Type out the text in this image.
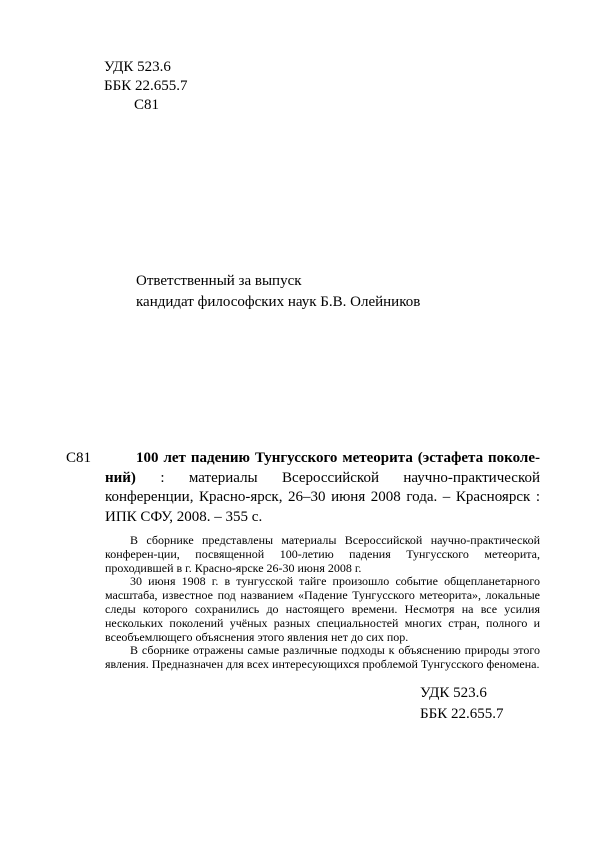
УДК 523.6
ББК 22.655.7
С81
Ответственный за выпуск
кандидат философских наук Б.В. Олейников
С81	100 лет падению Тунгусского метеорита (эстафета поколе-ний) : материалы Всероссийской научно-практической конференции, Красно-ярск, 26–30 июня 2008 года. – Красноярск : ИПК СФУ, 2008. – 355 с.

В сборнике представлены материалы Всероссийской научно-практической конферен-ции, посвященной 100-летию падения Тунгусского метеорита, проходившей в г. Красно-ярске 26-30 июня 2008 г.

30 июня 1908 г. в тунгусской тайге произошло событие общепланетарного масштаба, известное под названием «Падение Тунгусского метеорита», локальные следы которого сохранились до настоящего времени. Несмотря на все усилия нескольких поколений учёных разных специальностей многих стран, полного и всеобъемлющего объяснения этого явления нет до сих пор.

В сборнике отражены самые различные подходы к объяснению природы этого явления. Предназначен для всех интересующихся проблемой Тунгусского феномена.

УДК 523.6
ББК 22.655.7
